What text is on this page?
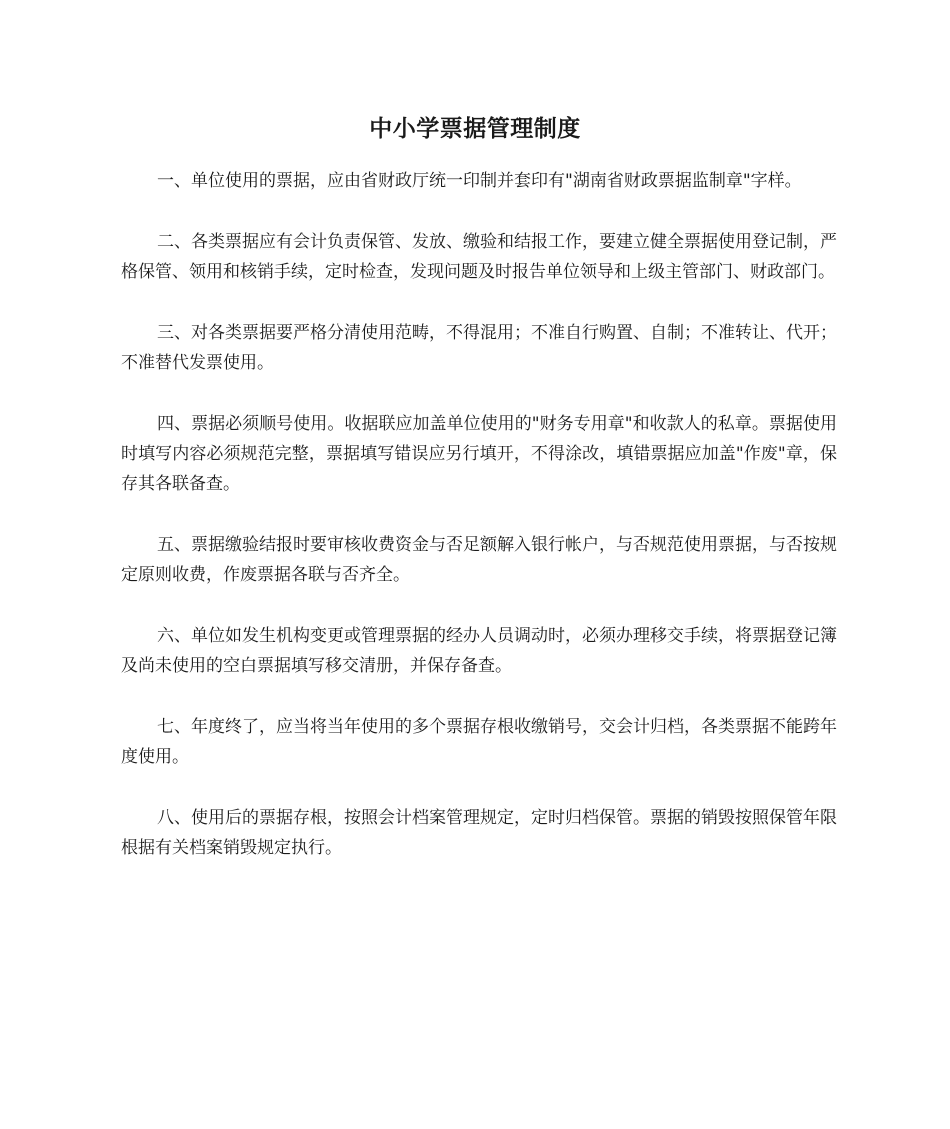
中小学票据管理制度

一、单位使用的票据，应由省财政厅统一印制并套印有"湖南省财政票据监制章"字样。

二、各类票据应有会计负责保管、发放、缴验和结报工作，要建立健全票据使用登记制，严格保管、领用和核销手续，定时检查，发现问题及时报告单位领导和上级主管部门、财政部门。

三、对各类票据要严格分清使用范畴，不得混用；不准自行购置、自制；不准转让、代开；不准替代发票使用。

四、票据必须顺号使用。收据联应加盖单位使用的"财务专用章"和收款人的私章。票据使用时填写内容必须规范完整，票据填写错误应另行填开，不得涂改，填错票据应加盖"作废"章，保存其各联备查。

五、票据缴验结报时要审核收费资金与否足额解入银行帐户，与否规范使用票据，与否按规定原则收费，作废票据各联与否齐全。

六、单位如发生机构变更或管理票据的经办人员调动时，必须办理移交手续，将票据登记簿及尚未使用的空白票据填写移交清册，并保存备查。

七、年度终了，应当将当年使用的多个票据存根收缴销号，交会计归档，各类票据不能跨年度使用。

八、使用后的票据存根，按照会计档案管理规定，定时归档保管。票据的销毁按照保管年限根据有关档案销毁规定执行。
